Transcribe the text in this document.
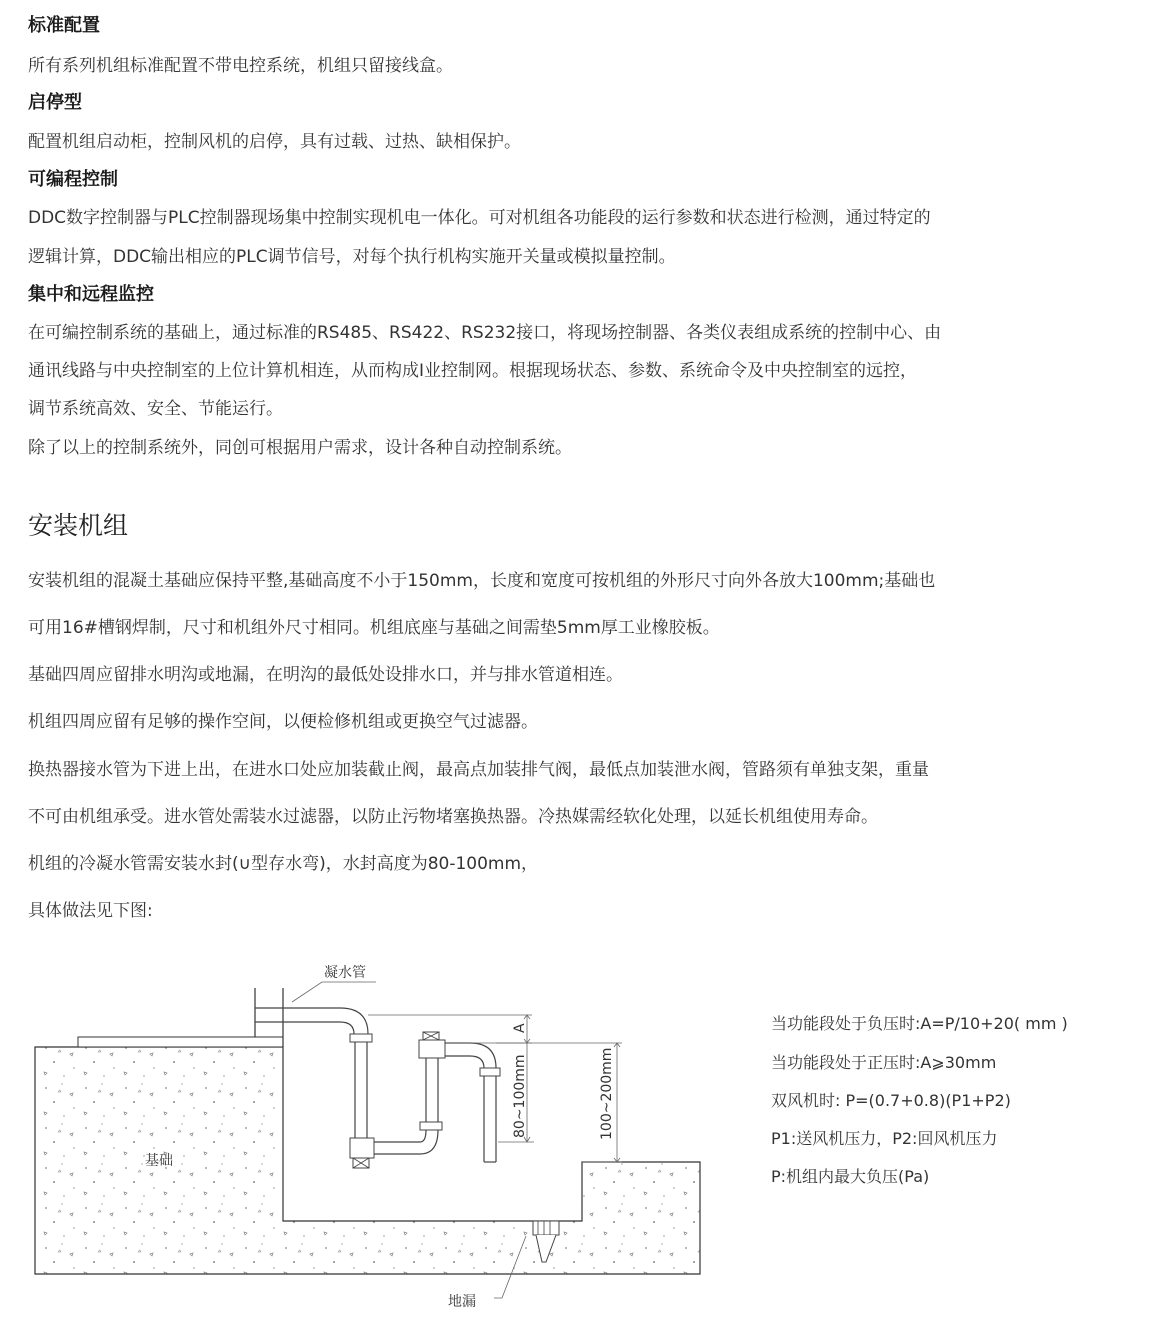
标准配置
所有系列机组标准配置不带电控系统，机组只留接线盒。
启停型
配置机组启动柜，控制风机的启停，具有过载、过热、缺相保护。
可编程控制
DDC数字控制器与PLC控制器现场集中控制实现机电一体化。可对机组各功能段的运行参数和状态进行检测，通过特定的
逻辑计算，DDC输出相应的PLC调节信号，对每个执行机构实施开关量或模拟量控制。
集中和远程监控
在可编控制系统的基础上，通过标准的RS485、RS422、RS232接口，将现场控制器、各类仪表组成系统的控制中心、由
通讯线路与中央控制室的上位计算机相连，从而构成I业控制网。根据现场状态、参数、系统命令及中央控制室的远控，
调节系统高效、安全、节能运行。
除了以上的控制系统外，同创可根据用户需求，设计各种自动控制系统。
安装机组
安装机组的混凝土基础应保持平整,基础高度不小于150mm，长度和宽度可按机组的外形尺寸向外各放大100mm;基础也
可用16#槽钢焊制，尺寸和机组外尺寸相同。机组底座与基础之间需垫5mm厚工业橡胶板。
基础四周应留排水明沟或地漏，在明沟的最低处设排水口，并与排水管道相连。
机组四周应留有足够的操作空间，以便检修机组或更换空气过滤器。
换热器接水管为下进上出，在进水口处应加装截止阀，最高点加装排气阀，最低点加装泄水阀，管路须有单独支架，重量
不可由机组承受。进水管处需装水过滤器，以防止污物堵塞换热器。冷热媒需经软化处理，以延长机组使用寿命。
机组的冷凝水管需安装水封(∪型存水弯)，水封高度为80-100mm，
具体做法见下图:
A
80~100mm	100~200mm
凝水管
基础
地漏
当功能段处于负压时:A=P/10+20( mm )
当功能段处于正压时:A⩾30mm
双风机时: P=(0.7+0.8)(P1+P2)
P1:送风机压力，P2:回风机压力
P:机组内最大负压(Pa)
